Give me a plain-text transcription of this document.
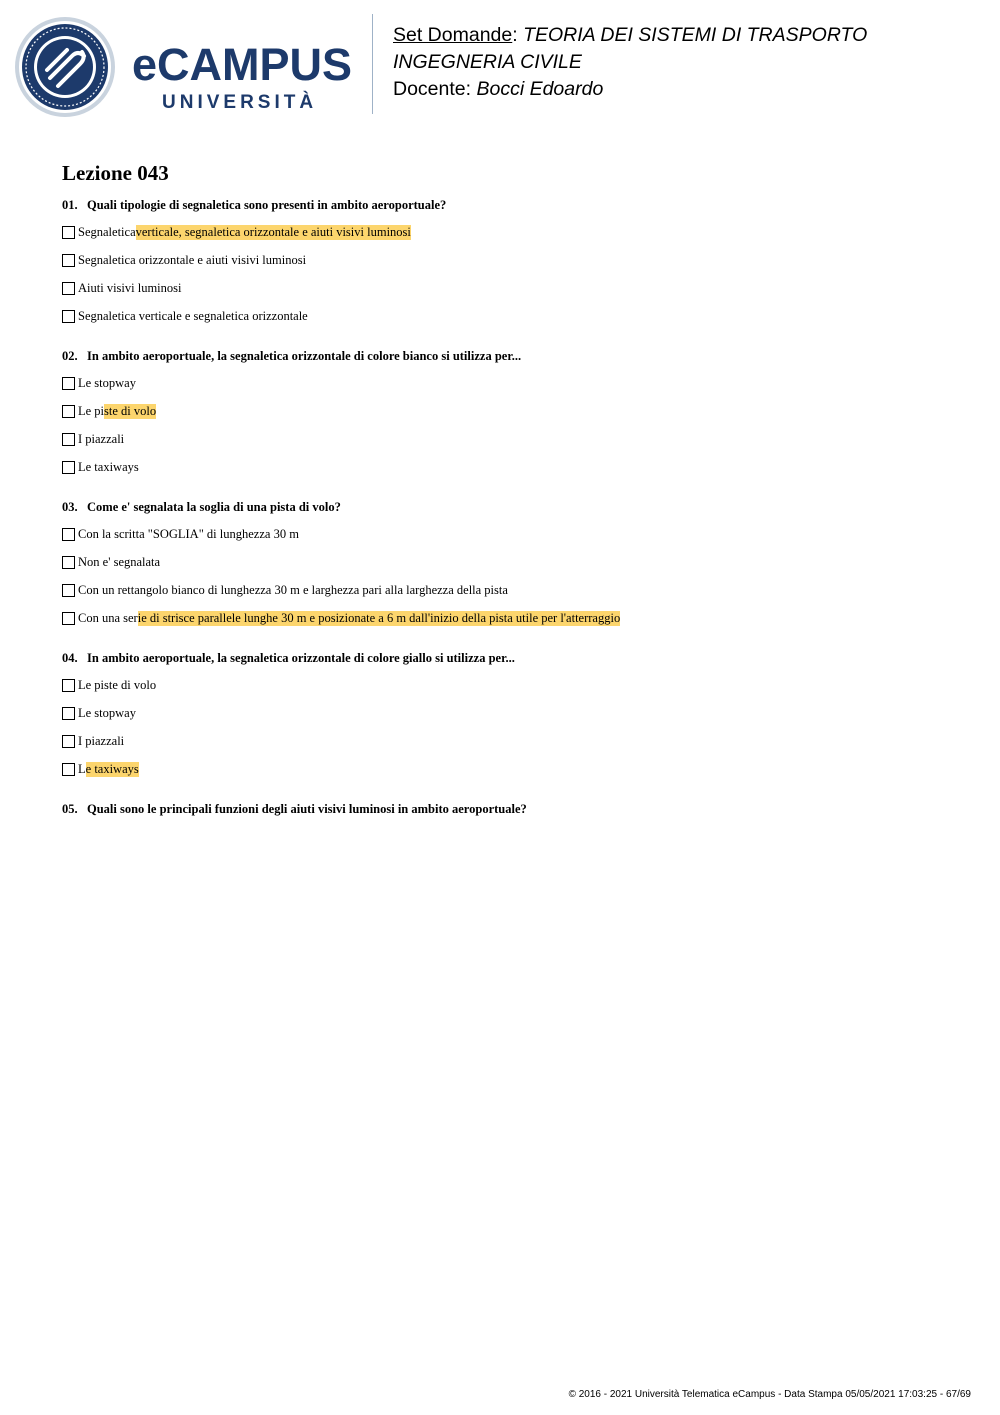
eCAMPUS
UNIVERSITÀ
Set Domande: TEORIA DEI SISTEMI DI TRASPORTO
INGEGNERIA CIVILE
Docente: Bocci Edoardo
Lezione 043
01. Quali tipologie di segnaletica sono presenti in ambito aeroportuale?
Segnaletica verticale, segnaletica orizzontale e aiuti visivi luminosi
Segnaletica orizzontale e aiuti visivi luminosi
Aiuti visivi luminosi
Segnaletica verticale e segnaletica orizzontale
02. In ambito aeroportuale, la segnaletica orizzontale di colore bianco si utilizza per...
Le stopway
Le pi ste di volo
I piazzali
Le taxiways
03. Come e' segnalata la soglia di una pista di volo?
Con la scritta "SOGLIA" di lunghezza 30 m
Non e' segnalata
Con un rettangolo bianco di lunghezza 30 m e larghezza pari alla larghezza della pista
Con una ser ie di strisce parallele lunghe 30 m e posizionate a 6 m dall'inizio della pista utile per l'atterraggio
04. In ambito aeroportuale, la segnaletica orizzontale di colore giallo si utilizza per...
Le piste di volo
Le stopway
I piazzali
L e taxiways
05. Quali sono le principali funzioni degli aiuti visivi luminosi in ambito aeroportuale?
© 2016 - 2021 Università Telematica eCampus - Data Stampa 05/05/2021 17:03:25 - 67/69
